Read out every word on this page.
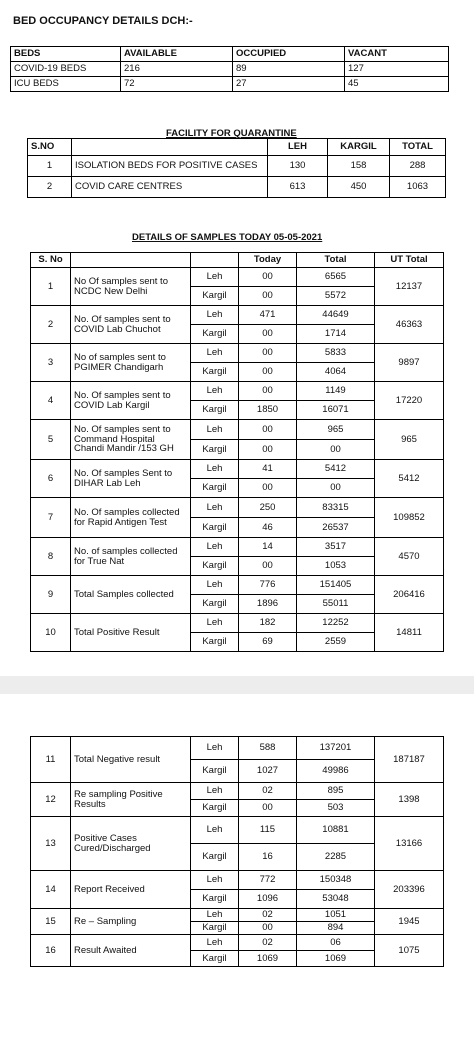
BED OCCUPANCY DETAILS DCH:-
BEDS	AVAILABLE	OCCUPIED	VACANT
COVID-19 BEDS	216	89	127
ICU BEDS	72	27	45
FACILITY FOR QUARANTINE
S.NO		LEH	KARGIL	TOTAL
1	ISOLATION BEDS FOR POSITIVE CASES	130	158	288
2	COVID CARE CENTRES	613	450	1063
DETAILS OF SAMPLES TODAY 05-05-2021
S. No			Today	Total	UT Total
1	No Of samples sent to NCDC New Delhi	Leh	00	6565	12137
		Kargil	00	5572	
2	No. Of samples sent to COVID Lab Chuchot	Leh	471	44649	46363
		Kargil	00	1714	
3	No of samples sent to PGIMER Chandigarh	Leh	00	5833	9897
		Kargil	00	4064	
4	No. Of samples sent to COVID Lab Kargil	Leh	00	1149	17220
		Kargil	1850	16071	
5	No. Of samples sent to Command Hospital Chandi Mandir /153 GH	Leh	00	965	965
		Kargil	00	00	
6	No. Of samples Sent to DIHAR Lab Leh	Leh	41	5412	5412
		Kargil	00	00	
7	No. Of samples collected for Rapid Antigen Test	Leh	250	83315	109852
		Kargil	46	26537	
8	No. of samples collected for True Nat	Leh	14	3517	4570
		Kargil	00	1053	
9	Total Samples collected	Leh	776	151405	206416
		Kargil	1896	55011	
10	Total Positive Result	Leh	182	12252	14811
		Kargil	69	2559	
11	Total Negative result	Leh	588	137201	187187
		Kargil	1027	49986	
12	Re sampling Positive Results	Leh	02	895	1398
		Kargil	00	503	
13	Positive Cases Cured/Discharged	Leh	115	10881	13166
		Kargil	16	2285	
14	Report Received	Leh	772	150348	203396
		Kargil	1096	53048	
15	Re – Sampling	Leh	02	1051	1945
		Kargil	00	894	
16	Result Awaited	Leh	02	06	1075
		Kargil	1069	1069	
